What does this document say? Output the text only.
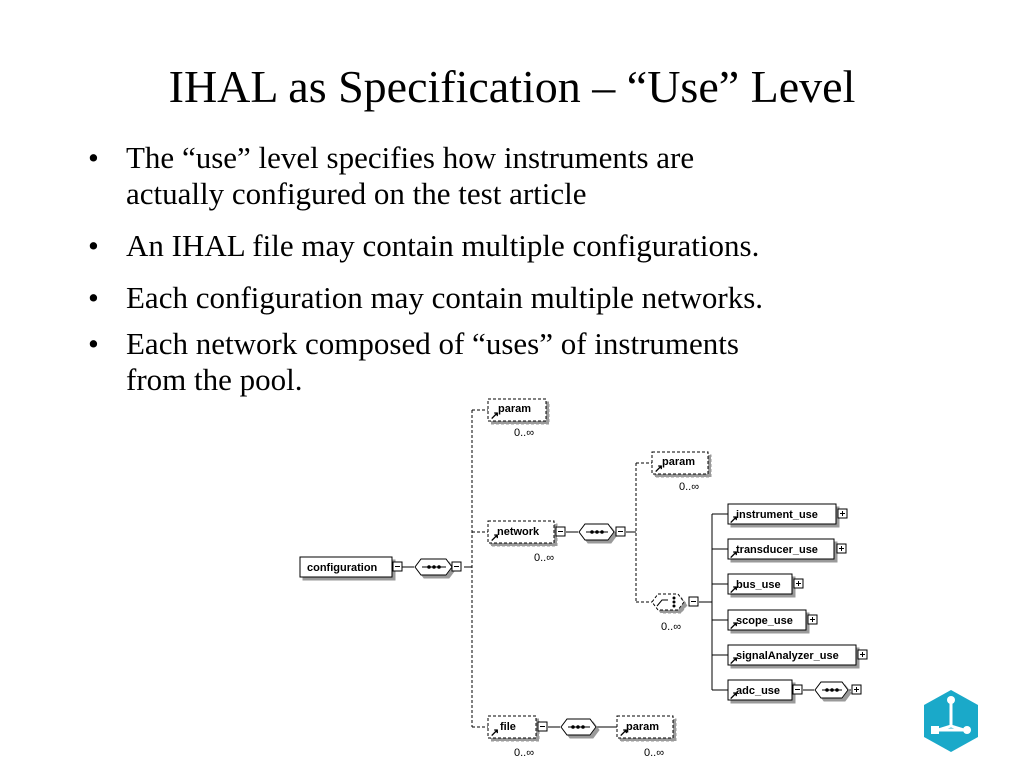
IHAL as Specification – “Use” Level
• The “use” level specifies how instruments are
actually configured on the test article
• An IHAL file may contain multiple configurations.
• Each configuration may contain multiple networks.
• Each network composed of “uses” of instruments
from the pool.
configuration
param
↗
0..∞
network
↗
0..∞
param
↗
0..∞
0..∞
instrument_use
↗
transducer_use
↗
bus_use
↗
scope_use
↗
signalAnalyzer_use
↗
adc_use
↗
file
↗
0..∞
param
↗
0..∞
